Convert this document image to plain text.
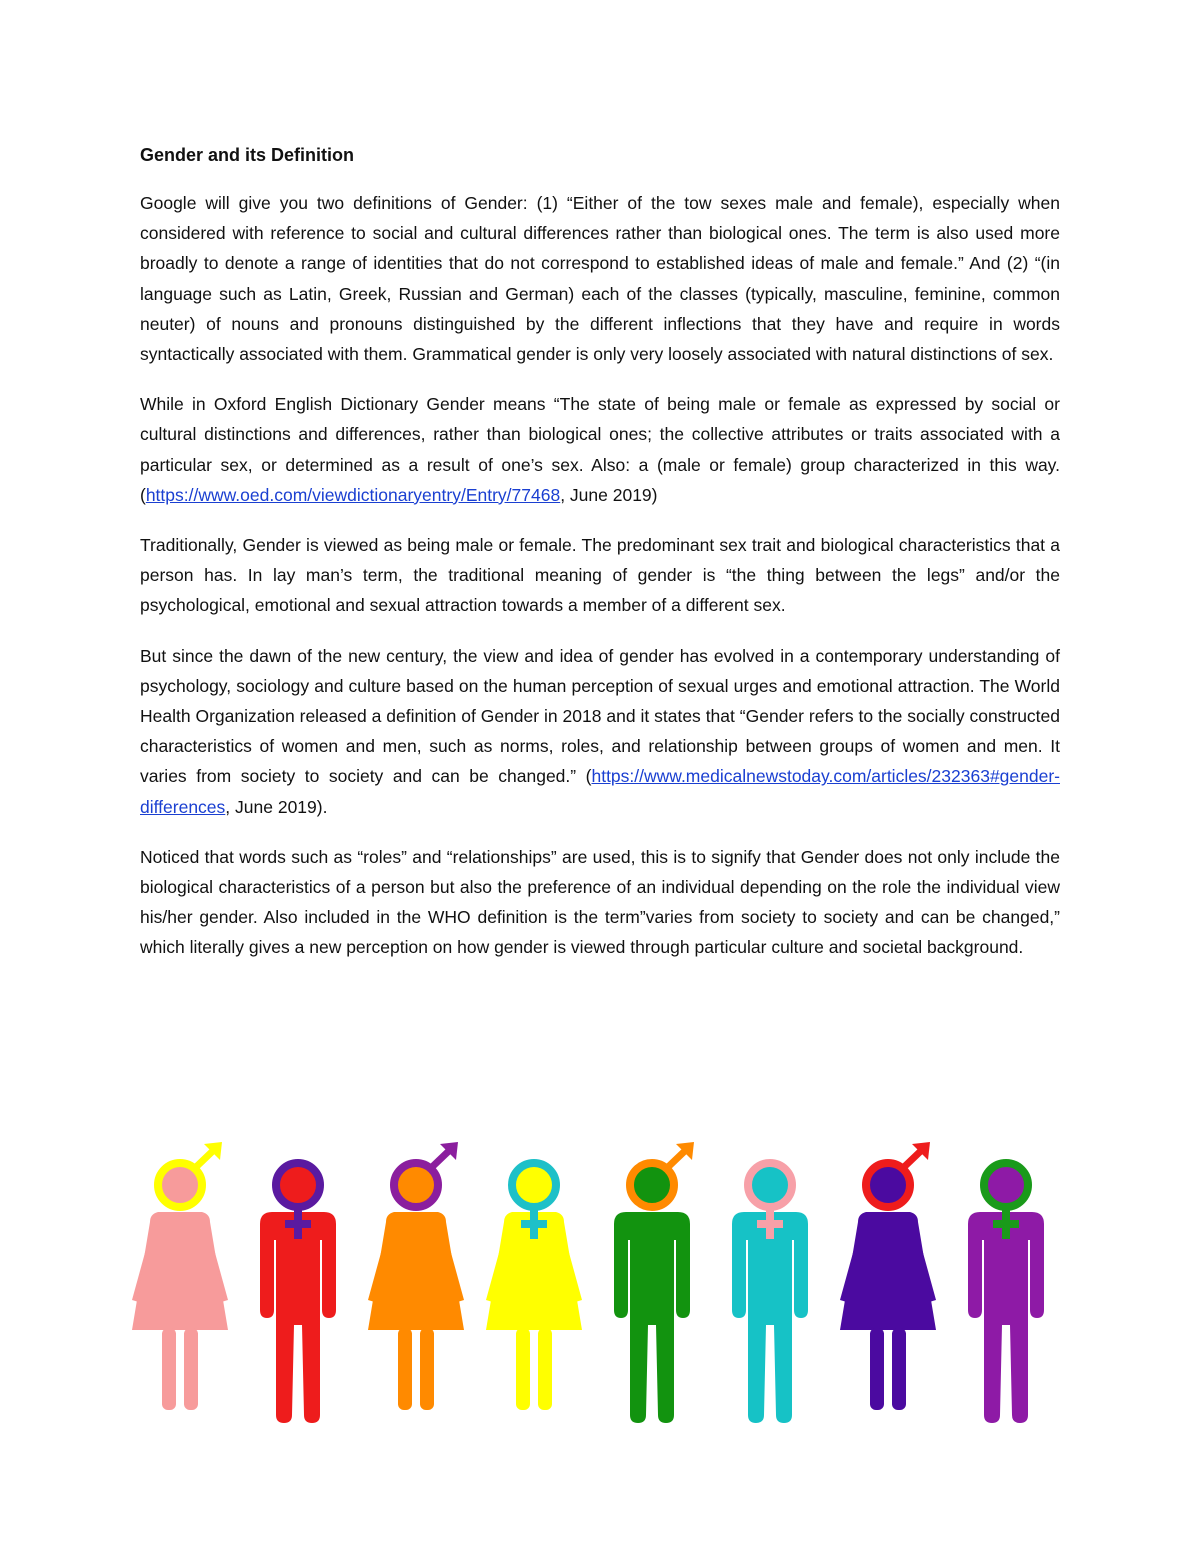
Gender and its Definition

Google will give you two definitions of Gender: (1) “Either of the tow sexes male and female), especially when considered with reference to social and cultural differences rather than biological ones. The term is also used more broadly to denote a range of identities that do not correspond to established ideas of male and female.” And (2) “(in language such as Latin, Greek, Russian and German) each of the classes (typically, masculine, feminine, common neuter) of nouns and pronouns distinguished by the different inflections that they have and require in words syntactically associated with them. Grammatical gender is only very loosely associated with natural distinctions of sex.

While in Oxford English Dictionary Gender means “The state of being male or female as expressed by social or cultural distinctions and differences, rather than biological ones; the collective attributes or traits associated with a particular sex, or determined as a result of one’s sex. Also: a (male or female) group characterized in this way. (https://www.oed.com/viewdictionaryentry/Entry/77468, June 2019)

Traditionally, Gender is viewed as being male or female. The predominant sex trait and biological characteristics that a person has. In lay man’s term, the traditional meaning of gender is “the thing between the legs” and/or the psychological, emotional and sexual attraction towards a member of a different sex.

But since the dawn of the new century, the view and idea of gender has evolved in a contemporary understanding of psychology, sociology and culture based on the human perception of sexual urges and emotional attraction. The World Health Organization released a definition of Gender in 2018 and it states that “Gender refers to the socially constructed characteristics of women and men, such as norms, roles, and relationship between groups of women and men. It varies from society to society and can be changed.” (https://www.medicalnewstoday.com/articles/232363#gender-differences, June 2019).

Noticed that words such as “roles” and “relationships” are used, this is to signify that Gender does not only include the biological characteristics of a person but also the preference of an individual depending on the role the individual view his/her gender. Also included in the WHO definition is the term”varies from society to society and can be changed,” which literally gives a new perception on how gender is viewed through particular culture and societal background.
